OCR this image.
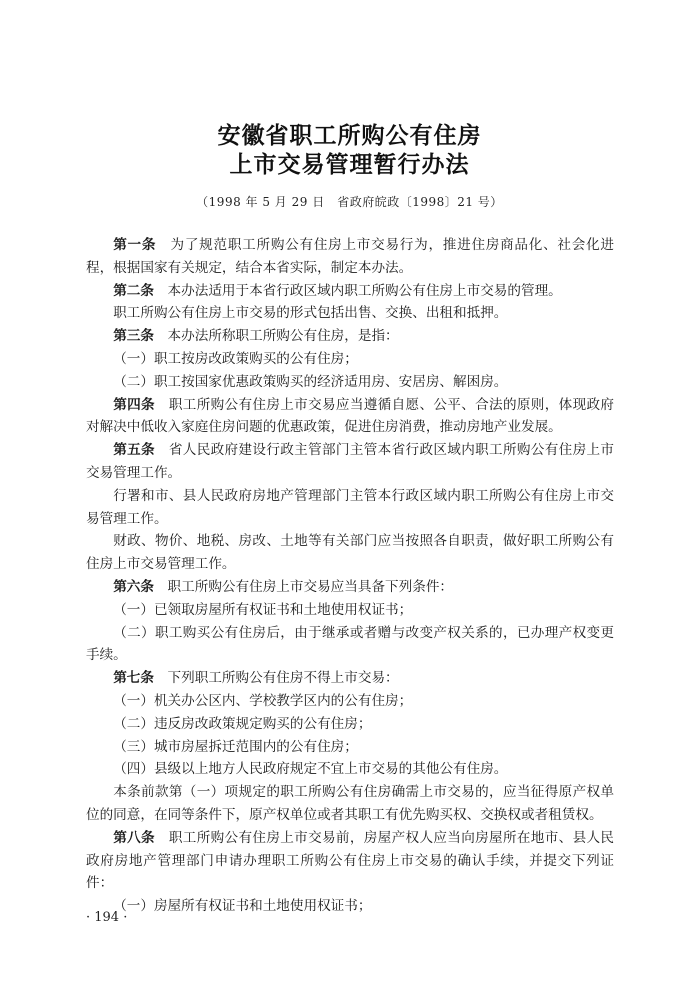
安徽省职工所购公有住房
上市交易管理暂行办法
（1998 年 5 月 29 日　省政府皖政〔1998〕21 号）

第一条　为了规范职工所购公有住房上市交易行为，推进住房商品化、社会化进程，根据国家有关规定，结合本省实际，制定本办法。

第二条　本办法适用于本省行政区域内职工所购公有住房上市交易的管理。

职工所购公有住房上市交易的形式包括出售、交换、出租和抵押。

第三条　本办法所称职工所购公有住房，是指：

（一）职工按房改政策购买的公有住房；

（二）职工按国家优惠政策购买的经济适用房、安居房、解困房。

第四条　职工所购公有住房上市交易应当遵循自愿、公平、合法的原则，体现政府对解决中低收入家庭住房问题的优惠政策，促进住房消费，推动房地产业发展。

第五条　省人民政府建设行政主管部门主管本省行政区域内职工所购公有住房上市交易管理工作。

行署和市、县人民政府房地产管理部门主管本行政区域内职工所购公有住房上市交易管理工作。

财政、物价、地税、房改、土地等有关部门应当按照各自职责，做好职工所购公有住房上市交易管理工作。

第六条　职工所购公有住房上市交易应当具备下列条件：

（一）已领取房屋所有权证书和土地使用权证书；

（二）职工购买公有住房后，由于继承或者赠与改变产权关系的，已办理产权变更手续。

第七条　下列职工所购公有住房不得上市交易：

（一）机关办公区内、学校教学区内的公有住房；

（二）违反房改政策规定购买的公有住房；

（三）城市房屋拆迁范围内的公有住房；

（四）县级以上地方人民政府规定不宜上市交易的其他公有住房。

本条前款第（一）项规定的职工所购公有住房确需上市交易的，应当征得原产权单位的同意，在同等条件下，原产权单位或者其职工有优先购买权、交换权或者租赁权。

第八条　职工所购公有住房上市交易前，房屋产权人应当向房屋所在地市、县人民政府房地产管理部门申请办理职工所购公有住房上市交易的确认手续，并提交下列证件：

（一）房屋所有权证书和土地使用权证书；

· 194 ·
